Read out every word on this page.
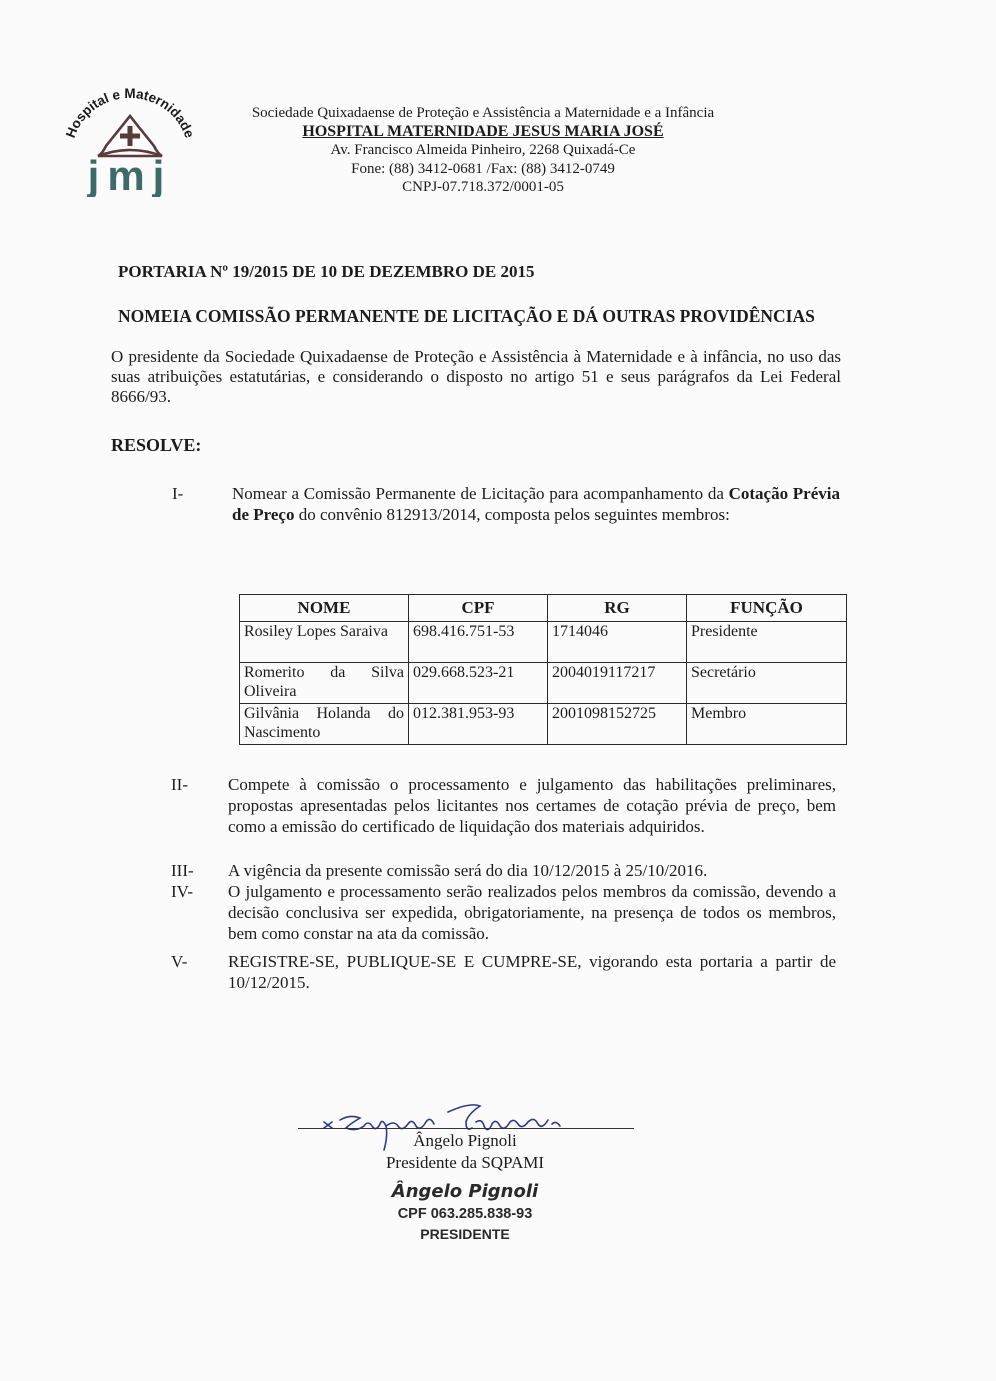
Hospital e Maternidade
jmj
Sociedade Quixadaense de Proteção e Assistência a Maternidade e a Infância
HOSPITAL MATERNIDADE JESUS MARIA JOSÉ
Av. Francisco Almeida Pinheiro, 2268 Quixadá-Ce
Fone: (88) 3412-0681 /Fax: (88) 3412-0749
CNPJ-07.718.372/0001-05
PORTARIA Nº 19/2015 DE 10 DE DEZEMBRO DE 2015
NOMEIA COMISSÃO PERMANENTE DE LICITAÇÃO E DÁ OUTRAS PROVIDÊNCIAS
O presidente da Sociedade Quixadaense de Proteção e Assistência à Maternidade e à infância, no uso das suas atribuições estatutárias, e considerando o disposto no artigo 51 e seus parágrafos da Lei Federal 8666/93.
RESOLVE:
I-	Nomear a Comissão Permanente de Licitação para acompanhamento da Cotação Prévia de Preço do convênio 812913/2014, composta pelos seguintes membros:
NOME	CPF	RG	FUNÇÃO
Rosiley Lopes Saraiva	698.416.751-53	1714046	Presidente
Romerito da Silva Oliveira	029.668.523-21	2004019117217	Secretário
Gilvânia Holanda do Nascimento	012.381.953-93	2001098152725	Membro
II- Compete à comissão o processamento e julgamento das habilitações preliminares, propostas apresentadas pelos licitantes nos certames de cotação prévia de preço, bem como a emissão do certificado de liquidação dos materiais adquiridos.
III- A vigência da presente comissão será do dia 10/12/2015 à 25/10/2016.
IV- O julgamento e processamento serão realizados pelos membros da comissão, devendo a decisão conclusiva ser expedida, obrigatoriamente, na presença de todos os membros, bem como constar na ata da comissão.
V- REGISTRE-SE, PUBLIQUE-SE E CUMPRE-SE, vigorando esta portaria a partir de 10/12/2015.
Ângelo Pignoli
Presidente da SQPAMI
Ângelo Pignoli
CPF 063.285.838-93
PRESIDENTE
